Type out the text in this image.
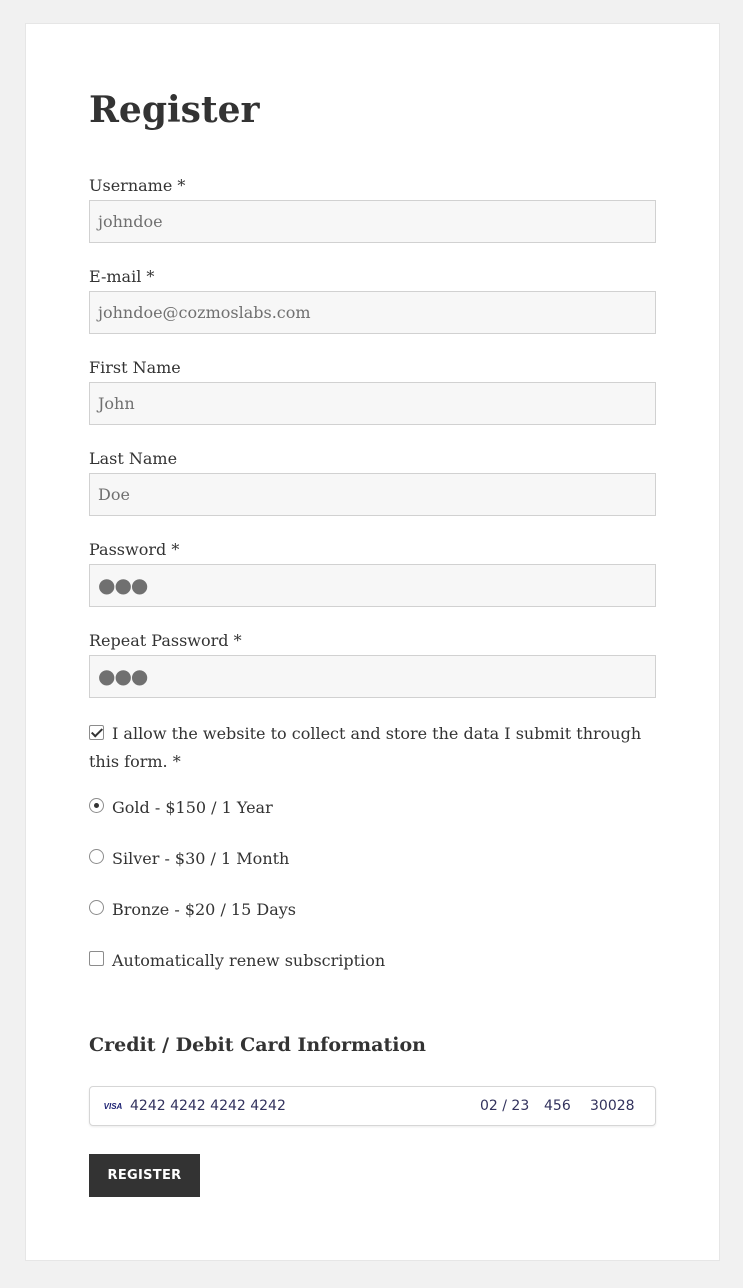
Register
Username *
johndoe
E-mail *
johndoe@cozmoslabs.com
First Name
John
Last Name
Doe
Password *
●●●
Repeat Password *
●●●
I allow the website to collect and store the data I submit through this form. *
Gold - $150 / 1 Year
Silver - $30 / 1 Month
Bronze - $20 / 15 Days
Automatically renew subscription
Credit / Debit Card Information
VISA 4242 4242 4242 4242	02 / 23 456 30028
REGISTER
